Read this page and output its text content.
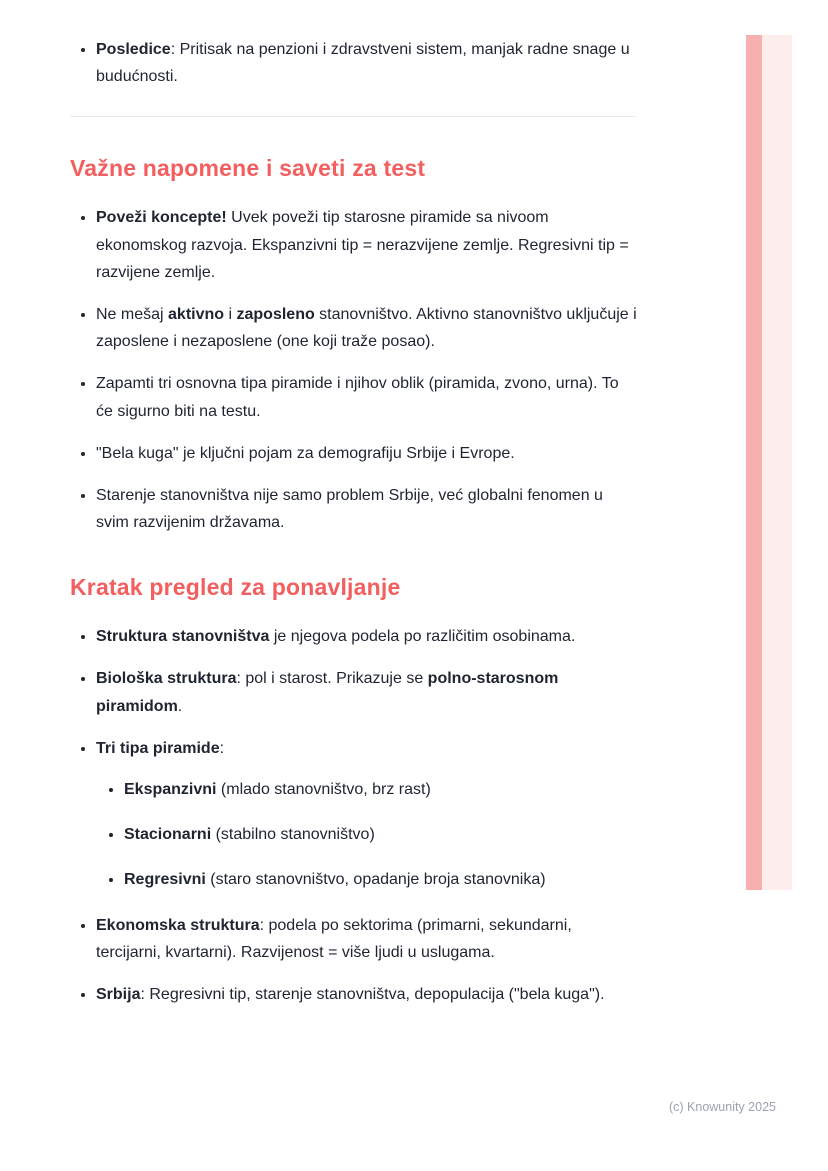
• Posledice: Pritisak na penzioni i zdravstveni sistem, manjak radne snage u budućnosti.
Važne napomene i saveti za test
• Poveži koncepte! Uvek poveži tip starosne piramide sa nivoom ekonomskog razvoja. Ekspanzivni tip = nerazvijene zemlje. Regresivni tip = razvijene zemlje.
• Ne mešaj aktivno i zaposleno stanovništvo. Aktivno stanovništvo uključuje i zaposlene i nezaposlene (one koji traže posao).
• Zapamti tri osnovna tipa piramide i njihov oblik (piramida, zvono, urna). To će sigurno biti na testu.
• "Bela kuga" je ključni pojam za demografiju Srbije i Evrope.
• Starenje stanovništva nije samo problem Srbije, već globalni fenomen u svim razvijenim državama.
Kratak pregled za ponavljanje
• Struktura stanovništva je njegova podela po različitim osobinama.
• Biološka struktura: pol i starost. Prikazuje se polno-starosnom piramidom.
• Tri tipa piramide:
• Ekspanzivni (mlado stanovništvo, brz rast)
• Stacionarni (stabilno stanovništvo)
• Regresivni (staro stanovništvo, opadanje broja stanovnika)
• Ekonomska struktura: podela po sektorima (primarni, sekundarni, tercijarni, kvartarni). Razvijenost = više ljudi u uslugama.
• Srbija: Regresivni tip, starenje stanovništva, depopulacija ("bela kuga").
(c) Knowunity 2025
